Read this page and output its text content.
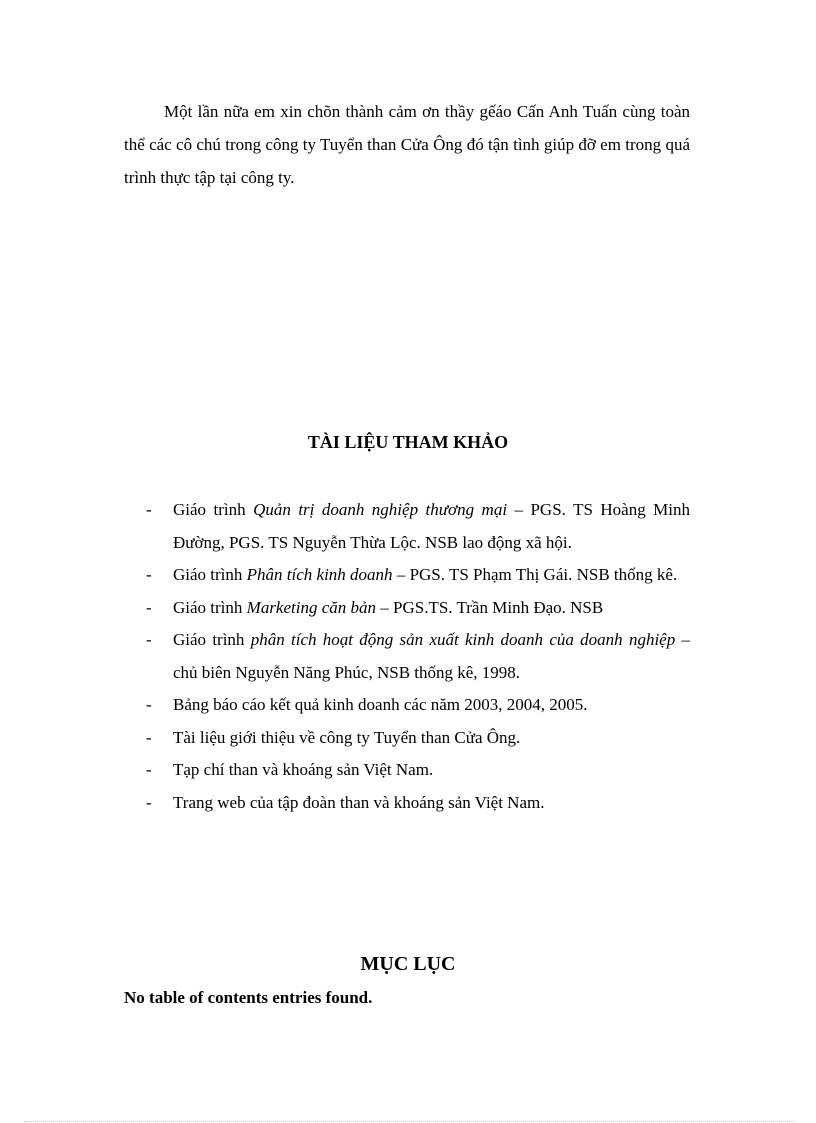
Một lần nữa em xin chõn thành cảm ơn thầy gếáo Cấn Anh Tuấn cùng toàn thể các cô chú trong công ty Tuyển than Cửa Ông đó tận tình giúp đỡ em trong quá trình thực tập tại công ty.

TÀI LIỆU THAM KHẢO
- Giáo trình Quản trị doanh nghiệp thương mại – PGS. TS Hoàng Minh Đường, PGS. TS Nguyễn Thừa Lộc. NSB lao động xã hội.
- Giáo trình Phân tích kinh doanh – PGS. TS Phạm Thị Gái. NSB thống kê.
- Giáo trình Marketing căn bản – PGS.TS. Trần Minh Đạo. NSB
- Giáo trình phân tích hoạt động sản xuất kinh doanh của doanh nghiệp – chủ biên Nguyễn Năng Phúc, NSB thống kê, 1998.
- Bảng báo cáo kết quả kinh doanh các năm 2003, 2004, 2005.
- Tài liệu giới thiệu về công ty Tuyển than Cửa Ông.
- Tạp chí than và khoáng sản Việt Nam.
- Trang web của tập đoàn than và khoáng sản Việt Nam.
MỤC LỤC

No table of contents entries found.
